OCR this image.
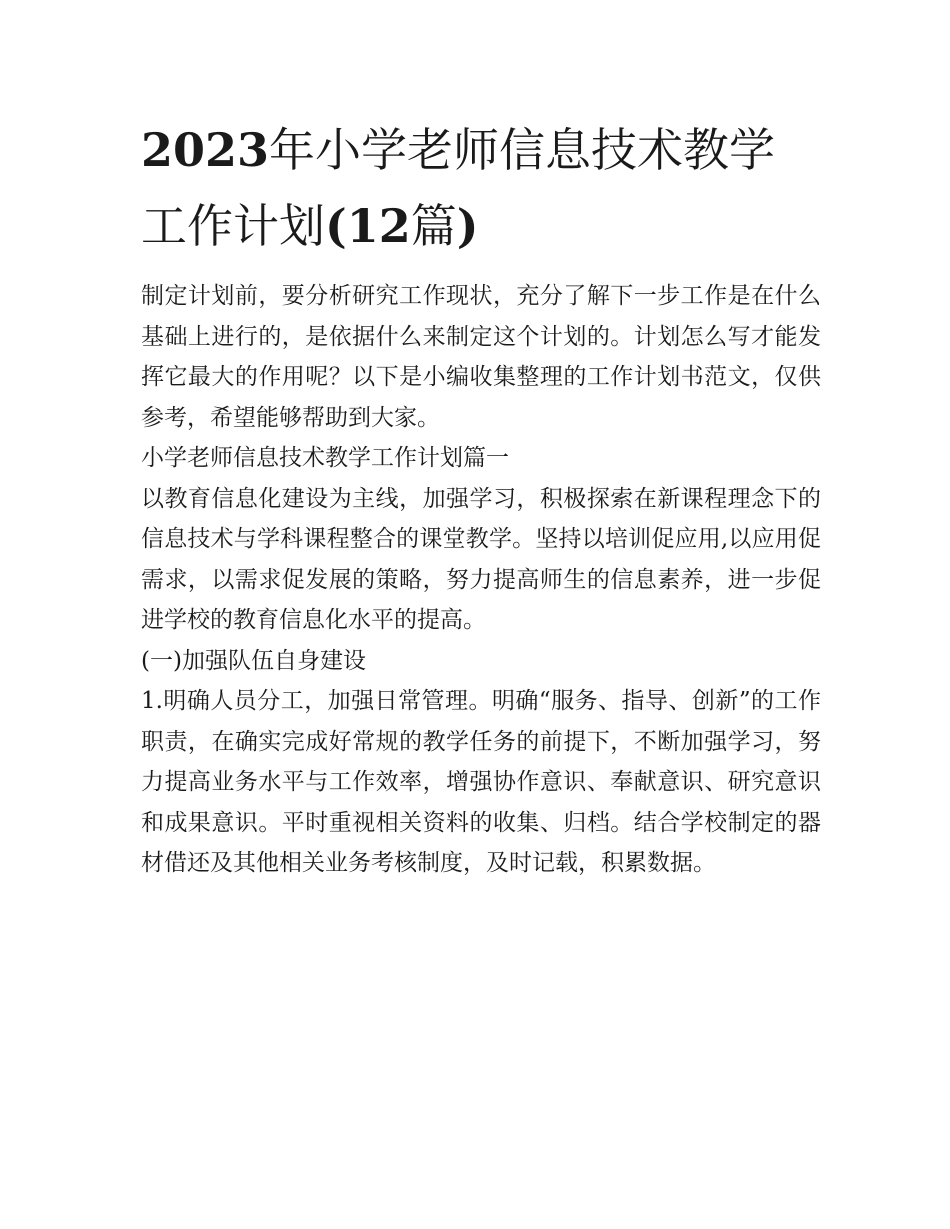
2023年小学老师信息技术教学工作计划(12篇)

制定计划前，要分析研究工作现状，充分了解下一步工作是在什么基础上进行的，是依据什么来制定这个计划的。计划怎么写才能发挥它最大的作用呢？以下是小编收集整理的工作计划书范文，仅供参考，希望能够帮助到大家。

小学老师信息技术教学工作计划篇一

以教育信息化建设为主线，加强学习，积极探索在新课程理念下的信息技术与学科课程整合的课堂教学。坚持以培训促应用,以应用促需求，以需求促发展的策略，努力提高师生的信息素养，进一步促进学校的教育信息化水平的提高。

(一)加强队伍自身建设

1.明确人员分工，加强日常管理。明确“服务、指导、创新”的工作职责，在确实完成好常规的教学任务的前提下，不断加强学习，努力提高业务水平与工作效率，增强协作意识、奉献意识、研究意识和成果意识。平时重视相关资料的收集、归档。结合学校制定的器材借还及其他相关业务考核制度，及时记载，积累数据。
